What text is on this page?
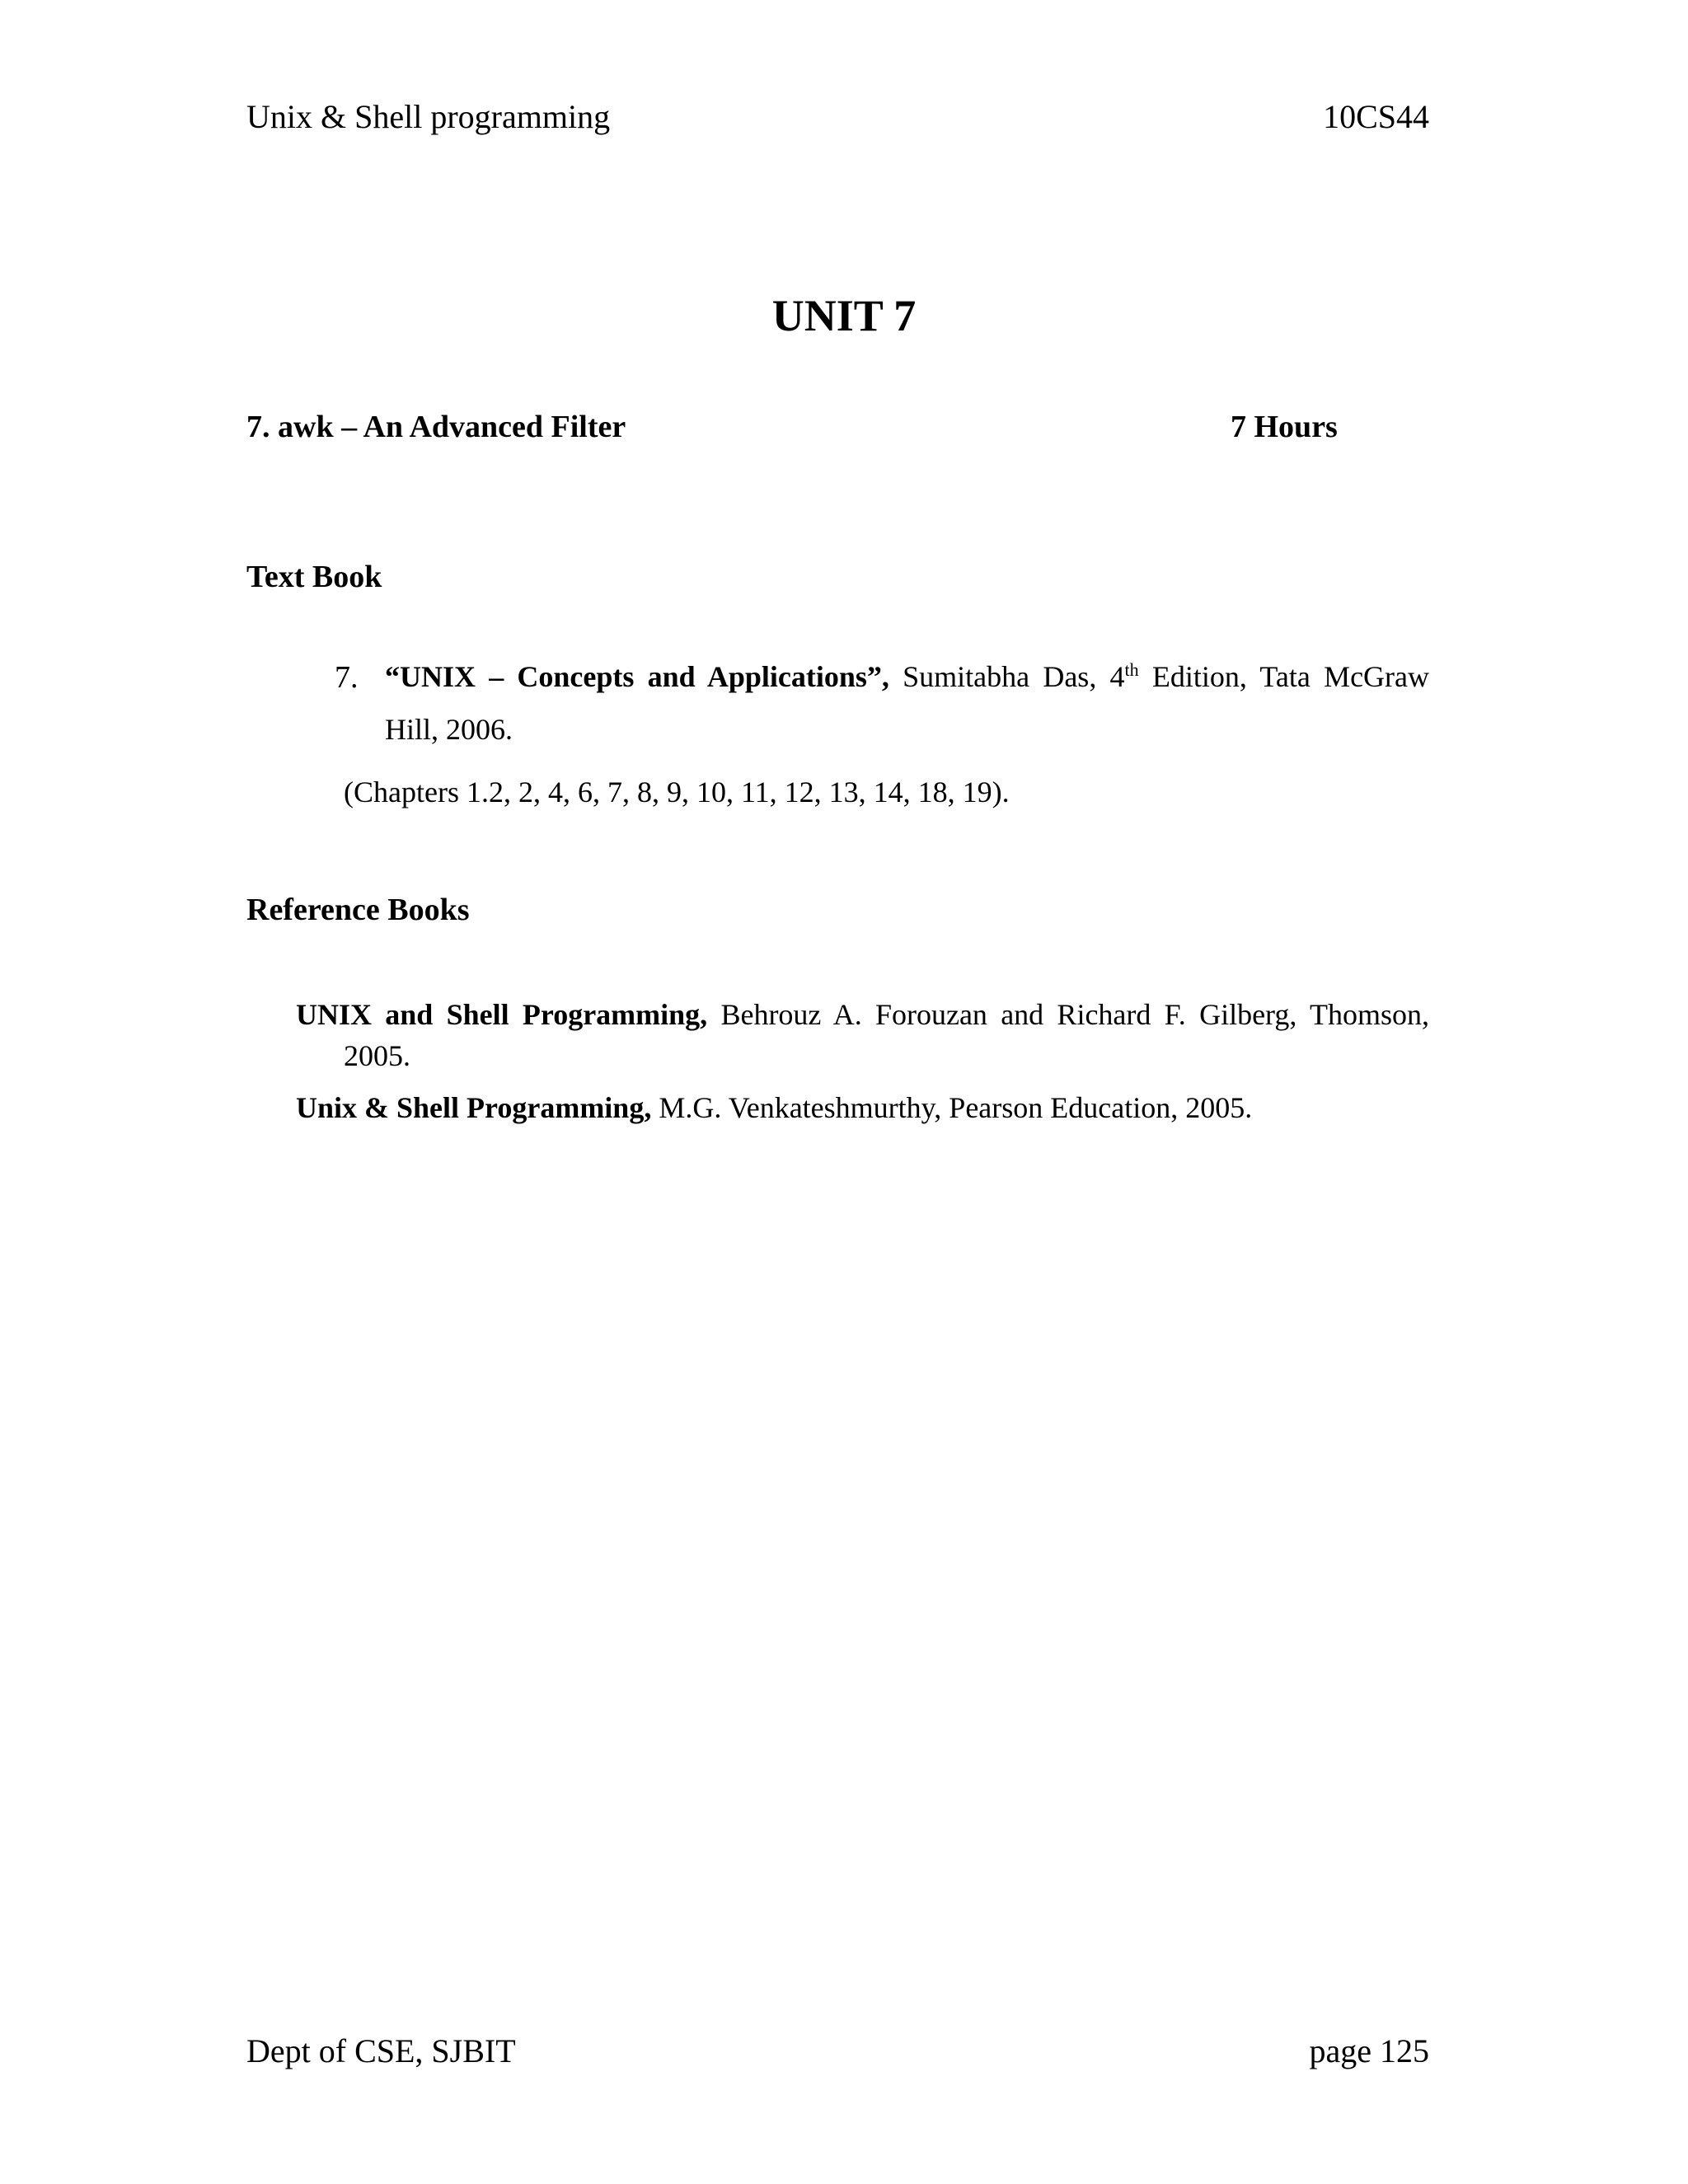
Unix & Shell programming	10CS44
UNIT 7
7. awk – An Advanced Filter	7 Hours
Text Book
7. “UNIX – Concepts and Applications”, Sumitabha Das, 4th Edition, Tata McGraw
Hill, 2006.
(Chapters 1.2, 2, 4, 6, 7, 8, 9, 10, 11, 12, 13, 14, 18, 19).
Reference Books
UNIX and Shell Programming, Behrouz A. Forouzan and Richard F. Gilberg, Thomson,
2005.
Unix & Shell Programming, M.G. Venkateshmurthy, Pearson Education, 2005.
Dept of CSE, SJBIT	page 125
